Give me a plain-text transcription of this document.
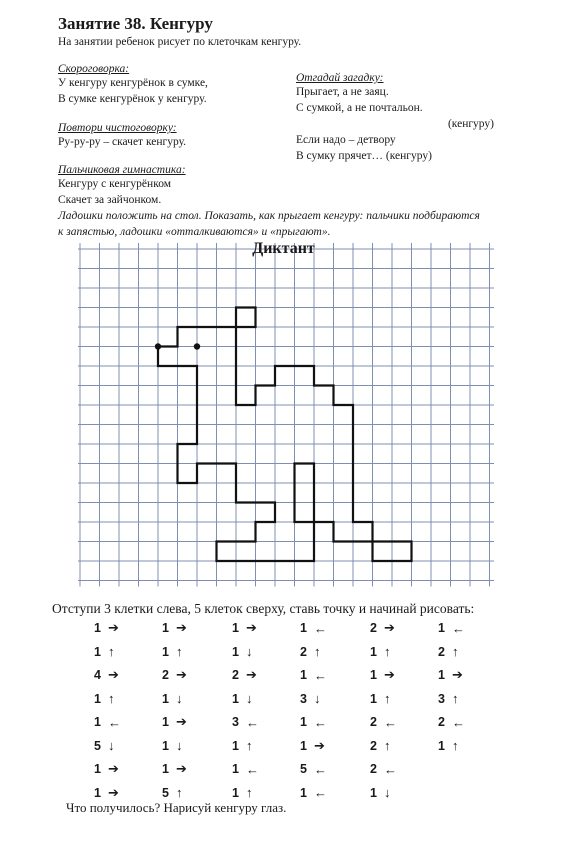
Занятие 38. Кенгуру
На занятии ребенок рисует по клеточкам кенгуру.
Скороговорка:
У кенгуру кенгурёнок в сумке,
В сумке кенгурёнок у кенгуру.
Отгадай загадку:
Прыгает, а не заяц.
С сумкой, а не почтальон.
(кенгуру)
Если надо – детвору
В сумку прячет… (кенгуру)
Повтори чистоговорку:
Ру-ру-ру – скачет кенгуру.
Пальчиковая гимнастика:
Кенгуру с кенгурёнком
Скачет за зайчонком.
Ладошки положить на стол. Показать, как прыгает кенгуру: пальчики подбираются
к запястью, ладошки «отталкиваются» и «прыгают».
Диктант
Отступи 3 клетки слева, 5 клеток сверху, ставь точку и начинай рисовать:
1 ➔
1 ↑
4 ➔
1 ↑
1 ←
5 ↓
1 ➔
1 ➔
1 ➔
1 ↑
2 ➔
1 ↓
1 ➔
1 ↓
1 ➔
5 ↑
1 ➔
1 ↓
2 ➔
1 ↓
3 ←
1 ↑
1 ←
1 ↑
1 ←
2 ↑
1 ←
3 ↓
1 ←
1 ➔
5 ←
1 ←
2 ➔
1 ↑
1 ➔
1 ↑
2 ←
2 ↑
2 ←
1 ↓
1 ←
2 ↑
1 ➔
3 ↑
2 ←
1 ↑
Что получилось? Нарисуй кенгуру глаз.
